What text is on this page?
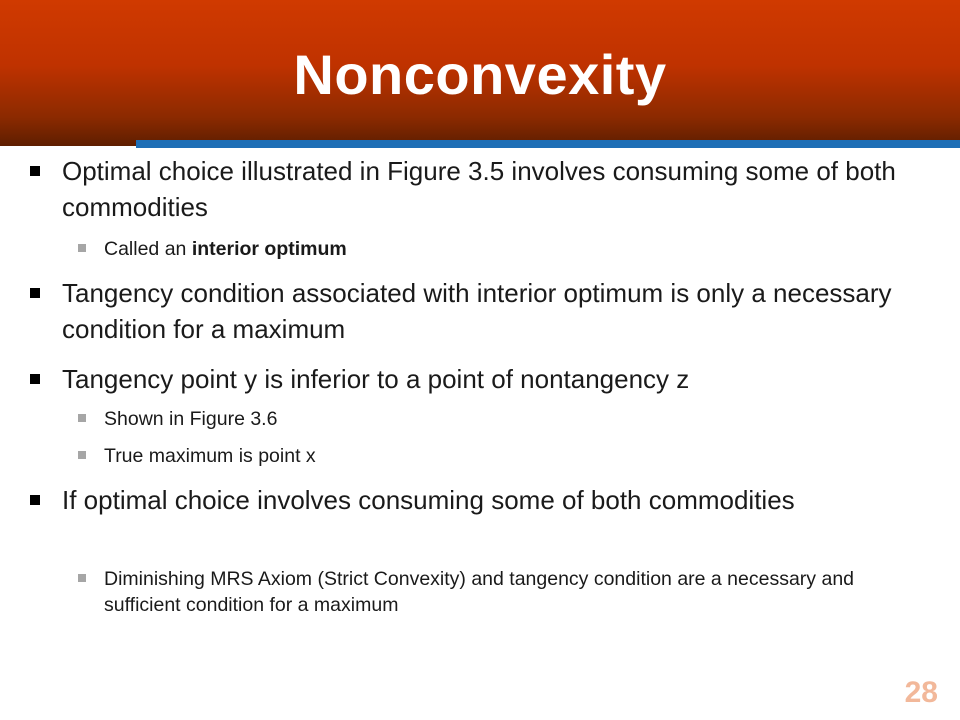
Nonconvexity
Optimal choice illustrated in Figure 3.5 involves consuming some of both commodities
Called an interior optimum
Tangency condition associated with interior optimum is only a necessary condition for a maximum
Tangency point y is inferior to a point of nontangency z
Shown in Figure 3.6
True maximum is point x
If optimal choice involves consuming some of both commodities
Diminishing MRS Axiom (Strict Convexity) and tangency condition are a necessary and sufficient condition for a maximum
28
